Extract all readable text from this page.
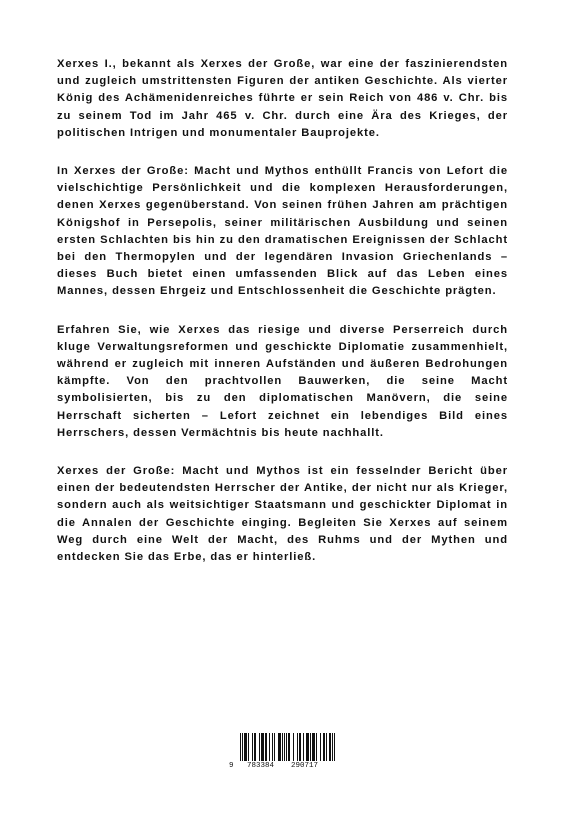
Xerxes I., bekannt als Xerxes der Große, war eine der faszinierendsten und zugleich umstrittensten Figuren der antiken Geschichte. Als vierter König des Achämenidenreiches führte er sein Reich von 486 v. Chr. bis zu seinem Tod im Jahr 465 v. Chr. durch eine Ära des Krieges, der politischen Intrigen und monumentaler Bauprojekte.

In Xerxes der Große: Macht und Mythos enthüllt Francis von Lefort die vielschichtige Persönlichkeit und die komplexen Herausforderungen, denen Xerxes gegenüberstand. Von seinen frühen Jahren am prächtigen Königshof in Persepolis, seiner militärischen Ausbildung und seinen ersten Schlachten bis hin zu den dramatischen Ereignissen der Schlacht bei den Thermopylen und der legendären Invasion Griechenlands – dieses Buch bietet einen umfassenden Blick auf das Leben eines Mannes, dessen Ehrgeiz und Entschlossenheit die Geschichte prägten.

Erfahren Sie, wie Xerxes das riesige und diverse Perserreich durch kluge Verwaltungsreformen und geschickte Diplomatie zusammenhielt, während er zugleich mit inneren Aufständen und äußeren Bedrohungen kämpfte. Von den prachtvollen Bauwerken, die seine Macht symbolisierten, bis zu den diplomatischen Manövern, die seine Herrschaft sicherten – Lefort zeichnet ein lebendiges Bild eines Herrschers, dessen Vermächtnis bis heute nachhallt.

Xerxes der Große: Macht und Mythos ist ein fesselnder Bericht über einen der bedeutendsten Herrscher der Antike, der nicht nur als Krieger, sondern auch als weitsichtiger Staatsmann und geschickter Diplomat in die Annalen der Geschichte einging. Begleiten Sie Xerxes auf seinem Weg durch eine Welt der Macht, des Ruhms und der Mythen und entdecken Sie das Erbe, das er hinterließ.

9 783384 290717
